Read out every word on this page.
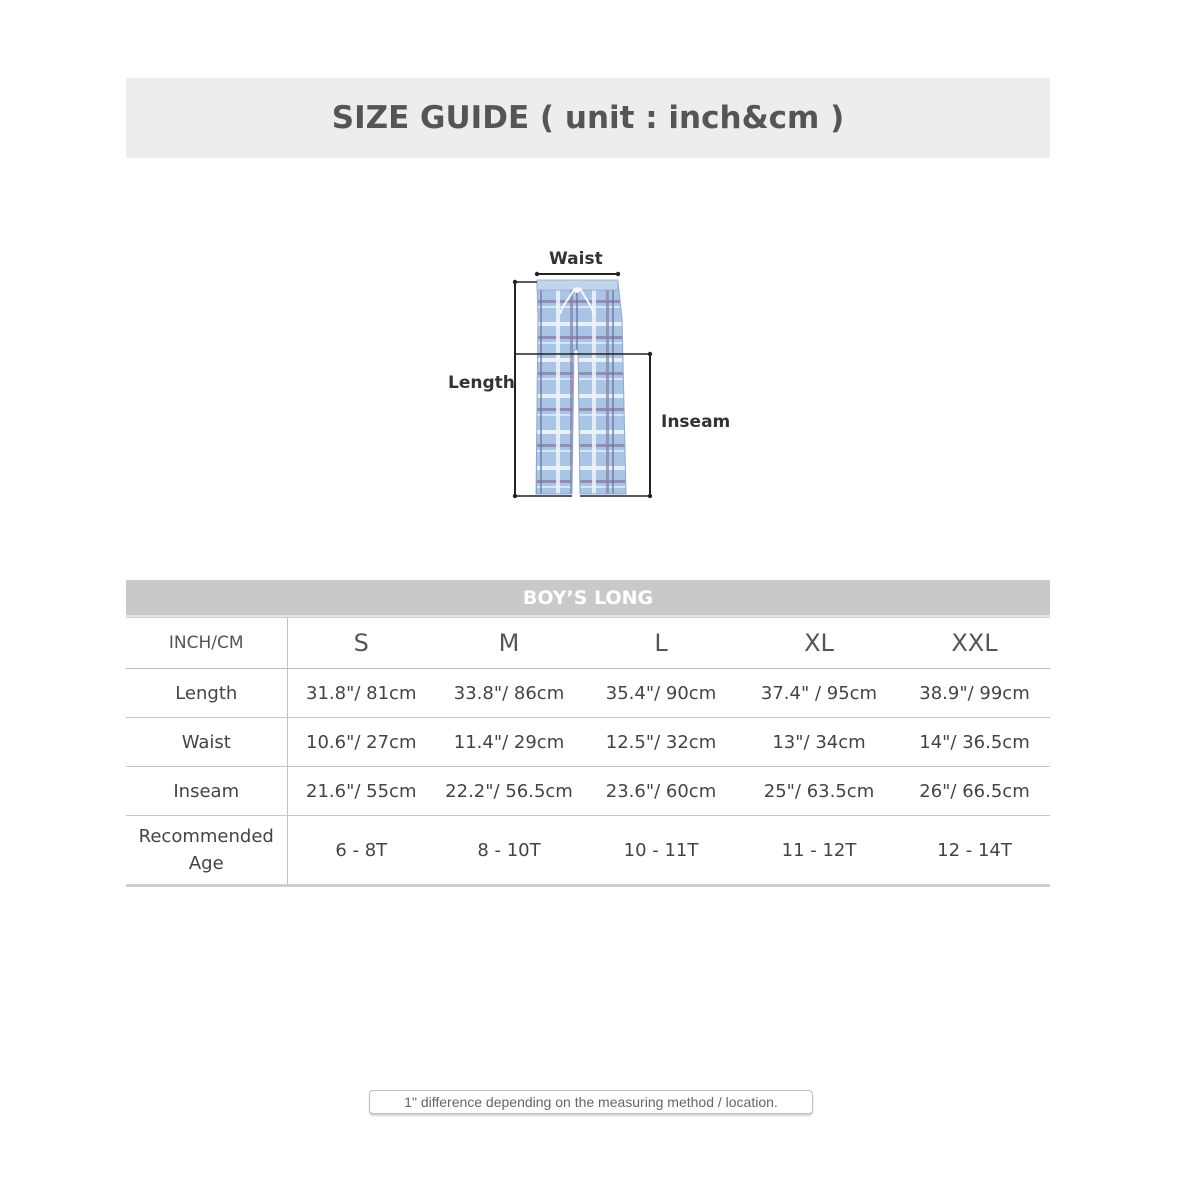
SIZE GUIDE ( unit : inch&cm )
Waist
Length
Inseam
BOY’S LONG
INCH/CM	S	M	L	XL	XXL
Length	31.8"/ 81cm	33.8"/ 86cm	35.4"/ 90cm	37.4" / 95cm	38.9"/ 99cm
Waist	10.6"/ 27cm	11.4"/ 29cm	12.5"/ 32cm	13"/ 34cm	14"/ 36.5cm
Inseam	21.6"/ 55cm	22.2"/ 56.5cm	23.6"/ 60cm	25"/ 63.5cm	26"/ 66.5cm
Recommended Age	6 - 8T	8 - 10T	10 - 11T	11 - 12T	12 - 14T
1" difference depending on the measuring method / location.
